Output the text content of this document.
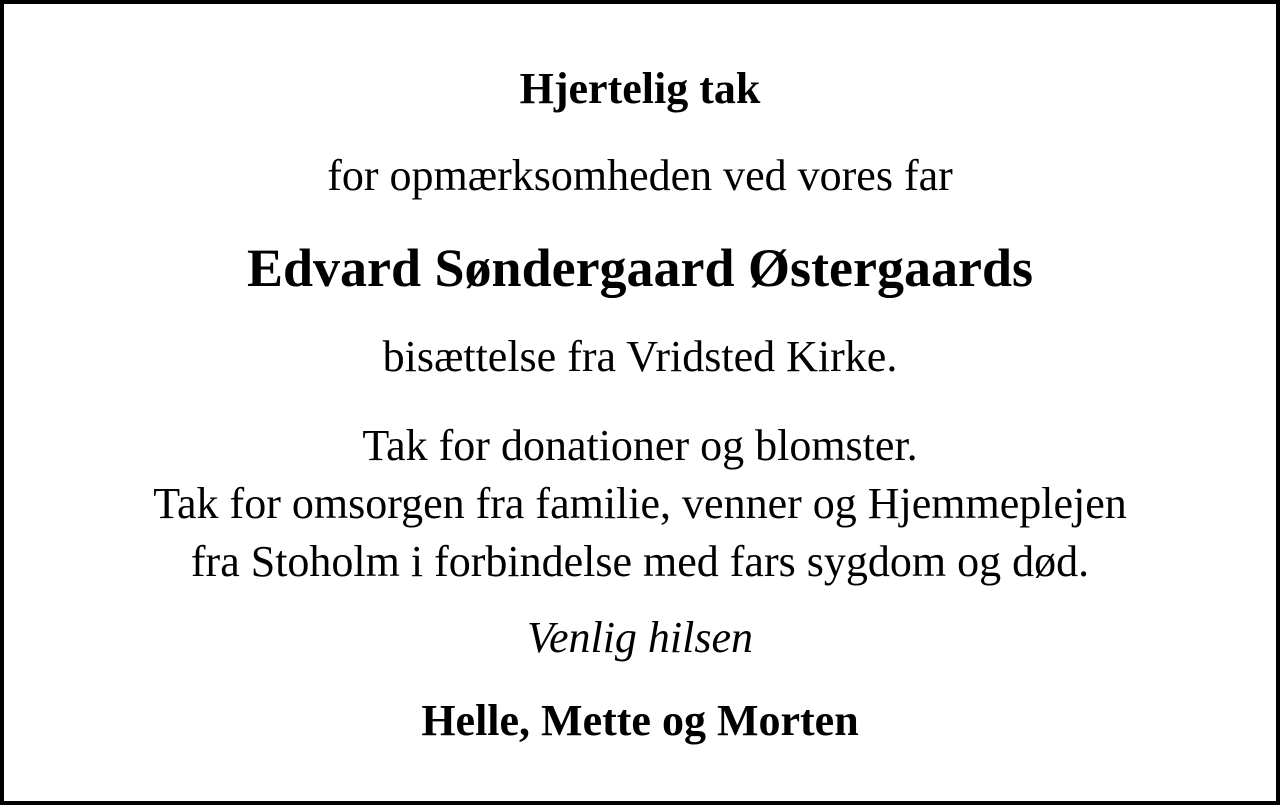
Hjertelig tak
for opmærksomheden ved vores far
Edvard Søndergaard Østergaards
bisættelse fra Vridsted Kirke.
Tak for donationer og blomster.
Tak for omsorgen fra familie, venner og Hjemmeplejen
fra Stoholm i forbindelse med fars sygdom og død.
Venlig hilsen
Helle, Mette og Morten
